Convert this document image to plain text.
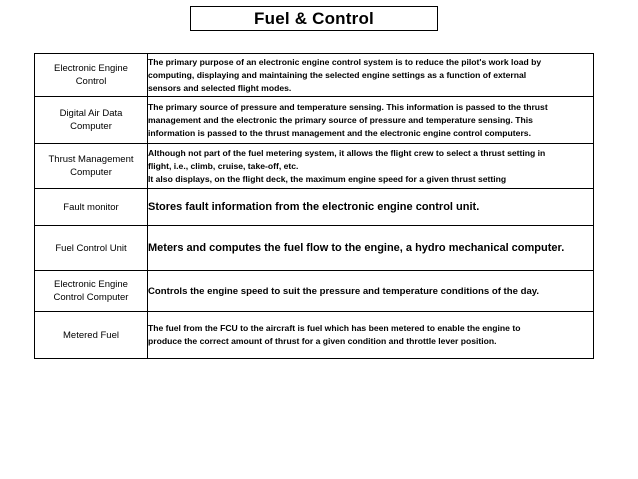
Fuel & Control
Electronic Engine
Control	The primary purpose of an electronic engine control system is to reduce the pilot's work load by
computing, displaying and maintaining the selected engine settings as a function of external
sensors and selected flight modes.

Digital Air Data
Computer	The primary source of pressure and temperature sensing. This information is passed to the thrust
management and the electronic the primary source of pressure and temperature sensing. This
information is passed to the thrust management and the electronic engine control computers.

Thrust Management
Computer	Although not part of the fuel metering system, it allows the flight crew to select a thrust setting in
flight, i.e., climb, cruise, take-off, etc.
It also displays, on the flight deck, the maximum engine speed for a given thrust setting

Fault monitor	Stores fault information from the electronic engine control unit.

Fuel Control Unit	Meters and computes the fuel flow to the engine, a hydro mechanical computer.

Electronic Engine
Control Computer	Controls the engine speed to suit the pressure and temperature conditions of the day.

Metered Fuel	The fuel from the FCU to the aircraft is fuel which has been metered to enable the engine to
produce the correct amount of thrust for a given condition and throttle lever position.
